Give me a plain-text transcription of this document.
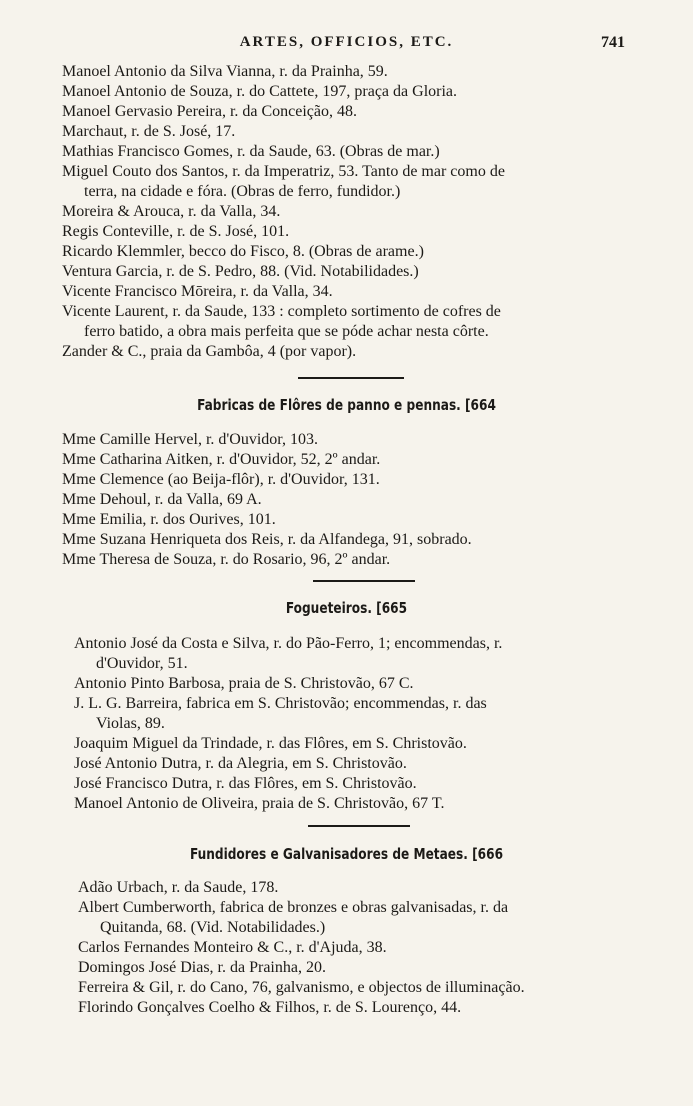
ARTES, OFFICIOS, ETC.	741
Manoel Antonio da Silva Vianna, r. da Prainha, 59.
Manoel Antonio de Souza, r. do Cattete, 197, praça da Gloria.
Manoel Gervasio Pereira, r. da Conceição, 48.
Marchaut, r. de S. José, 17.
Mathias Francisco Gomes, r. da Saude, 63. (Obras de mar.)
Miguel Couto dos Santos, r. da Imperatriz, 53. Tanto de mar como de
terra, na cidade e fóra. (Obras de ferro, fundidor.)
Moreira & Arouca, r. da Valla, 34.
Regis Conteville, r. de S. José, 101.
Ricardo Klemmler, becco do Fisco, 8. (Obras de arame.)
Ventura Garcia, r. de S. Pedro, 88. (Vid. Notabilidades.)
Vicente Francisco Mōreira, r. da Valla, 34.
Vicente Laurent, r. da Saude, 133 : completo sortimento de cofres de
ferro batido, a obra mais perfeita que se póde achar nesta côrte.
Zander & C., praia da Gambôa, 4 (por vapor).
Fabricas de Flôres de panno e pennas. [664
Mme Camille Hervel, r. d'Ouvidor, 103.
Mme Catharina Aitken, r. d'Ouvidor, 52, 2º andar.
Mme Clemence (ao Beija-flôr), r. d'Ouvidor, 131.
Mme Dehoul, r. da Valla, 69 A.
Mme Emilia, r. dos Ourives, 101.
Mme Suzana Henriqueta dos Reis, r. da Alfandega, 91, sobrado.
Mme Theresa de Souza, r. do Rosario, 96, 2º andar.
Fogueteiros. [665
Antonio José da Costa e Silva, r. do Pão-Ferro, 1; encommendas, r.
d'Ouvidor, 51.
Antonio Pinto Barbosa, praia de S. Christovão, 67 C.
J. L. G. Barreira, fabrica em S. Christovão; encommendas, r. das
Violas, 89.
Joaquim Miguel da Trindade, r. das Flôres, em S. Christovão.
José Antonio Dutra, r. da Alegria, em S. Christovão.
José Francisco Dutra, r. das Flôres, em S. Christovão.
Manoel Antonio de Oliveira, praia de S. Christovão, 67 T.
Fundidores e Galvanisadores de Metaes. [666
Adão Urbach, r. da Saude, 178.
Albert Cumberworth, fabrica de bronzes e obras galvanisadas, r. da
Quitanda, 68. (Vid. Notabilidades.)
Carlos Fernandes Monteiro & C., r. d'Ajuda, 38.
Domingos José Dias, r. da Prainha, 20.
Ferreira & Gil, r. do Cano, 76, galvanismo, e objectos de illuminação.
Florindo Gonçalves Coelho & Filhos, r. de S. Lourenço, 44.
